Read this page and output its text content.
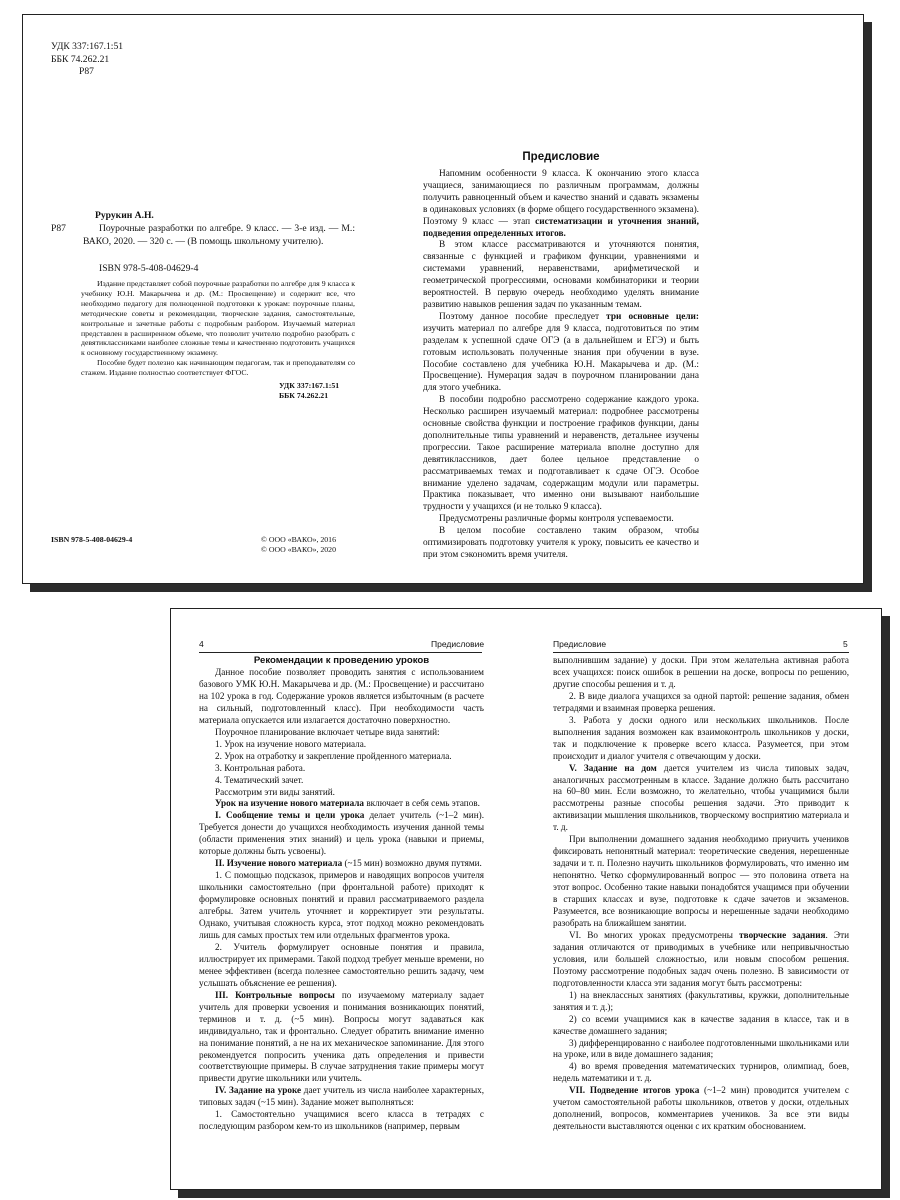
УДК 337:167.1:51

ББК 74.262.21

Р87

Рурукин А.Н.
Р87	Поурочные разработки по алгебре. 9 класс. — 3-е изд. — М.: ВАКО, 2020. — 320 с. — (В помощь школьному учителю).
ISBN 978-5-408-04629-4

Издание представляет собой поурочные разработки по алгебре для 9 класса к учебнику Ю.Н. Макарычева и др. (М.: Просвещение) и содержит все, что необходимо педагогу для полноценной подготовки к урокам: поурочные планы, методические советы и рекомендации, творческие задания, самостоятельные, контрольные и зачетные работы с подробным разбором. Изучаемый материал представлен в расширенном объеме, что позволит учителю подробно разобрать с девятиклассниками наиболее сложные темы и качественно подготовить учащихся к основному государственному экзамену.

Пособие будет полезно как начинающим педагогам, так и преподавателям со стажем. Издание полностью соответствует ФГОС.

УДК 337:167.1:51

ББК 74.262.21

ISBN 978-5-408-04629-4	© ООО «ВАКО», 2016

© ООО «ВАКО», 2020

Предисловие

Напомним особенности 9 класса. К окончанию этого класса учащиеся, занимающиеся по различным программам, должны получить равноценный объем и качество знаний и сдавать экзамены в одинаковых условиях (в форме общего государственного экзамена). Поэтому 9 класс — этап систематизации и уточнения знаний, подведения определенных итогов.

В этом классе рассматриваются и уточняются понятия, связанные с функцией и графиком функции, уравнениями и системами уравнений, неравенствами, арифметической и геометрической прогрессиями, основами комбинаторики и теории вероятностей. В первую очередь необходимо уделять внимание развитию навыков решения задач по указанным темам.

Поэтому данное пособие преследует три основные цели: изучить материал по алгебре для 9 класса, подготовиться по этим разделам к успешной сдаче ОГЭ (а в дальнейшем и ЕГЭ) и быть готовым использовать полученные знания при обучении в вузе. Пособие составлено для учебника Ю.Н. Макарычева и др. (М.: Просвещение). Нумерация задач в поурочном планировании дана для этого учебника.

В пособии подробно рассмотрено содержание каждого урока. Несколько расширен изучаемый материал: подробнее рассмотрены основные свойства функции и построение графиков функции, даны дополнительные типы уравнений и неравенств, детальнее изучены прогрессии. Такое расширение материала вполне доступно для девятиклассников, дает более цельное представление о рассматриваемых темах и подготавливает к сдаче ОГЭ. Особое внимание уделено задачам, содержащим модули или параметры. Практика показывает, что именно они вызывают наибольшие трудности у учащихся (и не только 9 класса).

Предусмотрены различные формы контроля успеваемости.

В целом пособие составлено таким образом, чтобы оптимизировать подготовку учителя к уроку, повысить ее качество и при этом сэкономить время учителя.

4	Предисловие	Предисловие	5
Рекомендации к проведению уроков

Данное пособие позволяет проводить занятия с использованием базового УМК Ю.Н. Макарычева и др. (М.: Просвещение) и рассчитано на 102 урока в год. Содержание уроков является избыточным (в расчете на сильный, подготовленный класс). При необходимости часть материала опускается или излагается достаточно поверхностно.

Поурочное планирование включает четыре вида занятий:

1. Урок на изучение нового материала.

2. Урок на отработку и закрепление пройденного материала.

3. Контрольная работа.

4. Тематический зачет.

Рассмотрим эти виды занятий.

Урок на изучение нового материала включает в себя семь этапов.

I. Сообщение темы и цели урока делает учитель (~1–2 мин). Требуется донести до учащихся необходимость изучения данной темы (области применения этих знаний) и цель урока (навыки и приемы, которые должны быть усвоены).

II. Изучение нового материала (~15 мин) возможно двумя путями.

1. С помощью подсказок, примеров и наводящих вопросов учителя школьники самостоятельно (при фронтальной работе) приходят к формулировке основных понятий и правил рассматриваемого раздела алгебры. Затем учитель уточняет и корректирует эти результаты. Однако, учитывая сложность курса, этот подход можно рекомендовать лишь для самых простых тем или отдельных фрагментов урока.

2. Учитель формулирует основные понятия и правила, иллюстрирует их примерами. Такой подход требует меньше времени, но менее эффективен (всегда полезнее самостоятельно решить задачу, чем услышать объяснение ее решения).

III. Контрольные вопросы по изучаемому материалу задает учитель для проверки усвоения и понимания возникающих понятий, терминов и т. д. (~5 мин). Вопросы могут задаваться как индивидуально, так и фронтально. Следует обратить внимание именно на понимание понятий, а не на их механическое запоминание. Для этого рекомендуется попросить ученика дать определения и привести соответствующие примеры. В случае затруднения такие примеры могут привести другие школьники или учитель.

IV. Задание на уроке дает учитель из числа наиболее характерных, типовых задач (~15 мин). Задание может выполняться:

1. Самостоятельно учащимися всего класса в тетрадях с последующим разбором кем-то из школьников (например, первым

выполнившим задание) у доски. При этом желательна активная работа всех учащихся: поиск ошибок в решении на доске, вопросы по решению, другие способы решения и т. д.

2. В виде диалога учащихся за одной партой: решение задания, обмен тетрадями и взаимная проверка решения.

3. Работа у доски одного или нескольких школьников. После выполнения задания возможен как взаимоконтроль школьников у доски, так и подключение к проверке всего класса. Разумеется, при этом происходит и диалог учителя с отвечающим у доски.

V. Задание на дом дается учителем из числа типовых задач, аналогичных рассмотренным в классе. Задание должно быть рассчитано на 60–80 мин. Если возможно, то желательно, чтобы учащимися были рассмотрены разные способы решения задачи. Это приводит к активизации мышления школьников, творческому восприятию материала и т. д.

При выполнении домашнего задания необходимо приучить учеников фиксировать непонятный материал: теоретические сведения, нерешенные задачи и т. п. Полезно научить школьников формулировать, что именно им непонятно. Четко сформулированный вопрос — это половина ответа на этот вопрос. Особенно такие навыки понадобятся учащимся при обучении в старших классах и вузе, подготовке к сдаче зачетов и экзаменов. Разумеется, все возникающие вопросы и нерешенные задачи необходимо разобрать на ближайшем занятии.

VI. Во многих уроках предусмотрены творческие задания. Эти задания отличаются от приводимых в учебнике или непривычностью условия, или большей сложностью, или новым способом решения. Поэтому рассмотрение подобных задач очень полезно. В зависимости от подготовленности класса эти задания могут быть рассмотрены:

1) на внеклассных занятиях (факультативы, кружки, дополнительные занятия и т. д.);

2) со всеми учащимися как в качестве задания в классе, так и в качестве домашнего задания;

3) дифференцированно с наиболее подготовленными школьниками или на уроке, или в виде домашнего задания;

4) во время проведения математических турниров, олимпиад, боев, недель математики и т. д.

VII. Подведение итогов урока (~1–2 мин) проводится учителем с учетом самостоятельной работы школьников, ответов у доски, отдельных дополнений, вопросов, комментариев учеников. За все эти виды деятельности выставляются оценки с их кратким обоснованием.
